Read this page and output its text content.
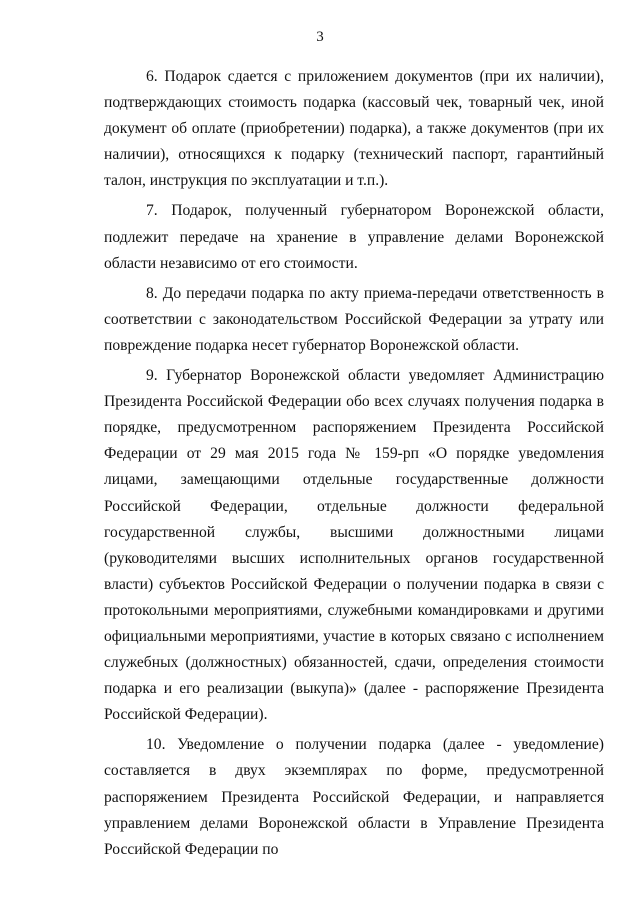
3

6. Подарок сдается с приложением документов (при их наличии), подтверждающих стоимость подарка (кассовый чек, товарный чек, иной документ об оплате (приобретении) подарка), а также документов (при их наличии), относящихся к подарку (технический паспорт, гарантийный талон, инструкция по эксплуатации и т.п.).

7. Подарок, полученный губернатором Воронежской области, подлежит передаче на хранение в управление делами Воронежской области независимо от его стоимости.

8. До передачи подарка по акту приема-передачи ответственность в соответствии с законодательством Российской Федерации за утрату или повреждение подарка несет губернатор Воронежской области.

9. Губернатор Воронежской области уведомляет Администрацию Президента Российской Федерации обо всех случаях получения подарка в порядке, предусмотренном распоряжением Президента Российской Федерации от 29 мая 2015 года № 159-рп «О порядке уведомления лицами, замещающими отдельные государственные должности Российской Федерации, отдельные должности федеральной государственной службы, высшими должностными лицами (руководителями высших исполнительных органов государственной власти) субъектов Российской Федерации о получении подарка в связи с протокольными мероприятиями, служебными командировками и другими официальными мероприятиями, участие в которых связано с исполнением служебных (должностных) обязанностей, сдачи, определения стоимости подарка и его реализации (выкупа)» (далее - распоряжение Президента Российской Федерации).

10. Уведомление о получении подарка (далее - уведомление) составляется в двух экземплярах по форме, предусмотренной распоряжением Президента Российской Федерации, и направляется управлением делами Воронежской области в Управление Президента Российской Федерации по
